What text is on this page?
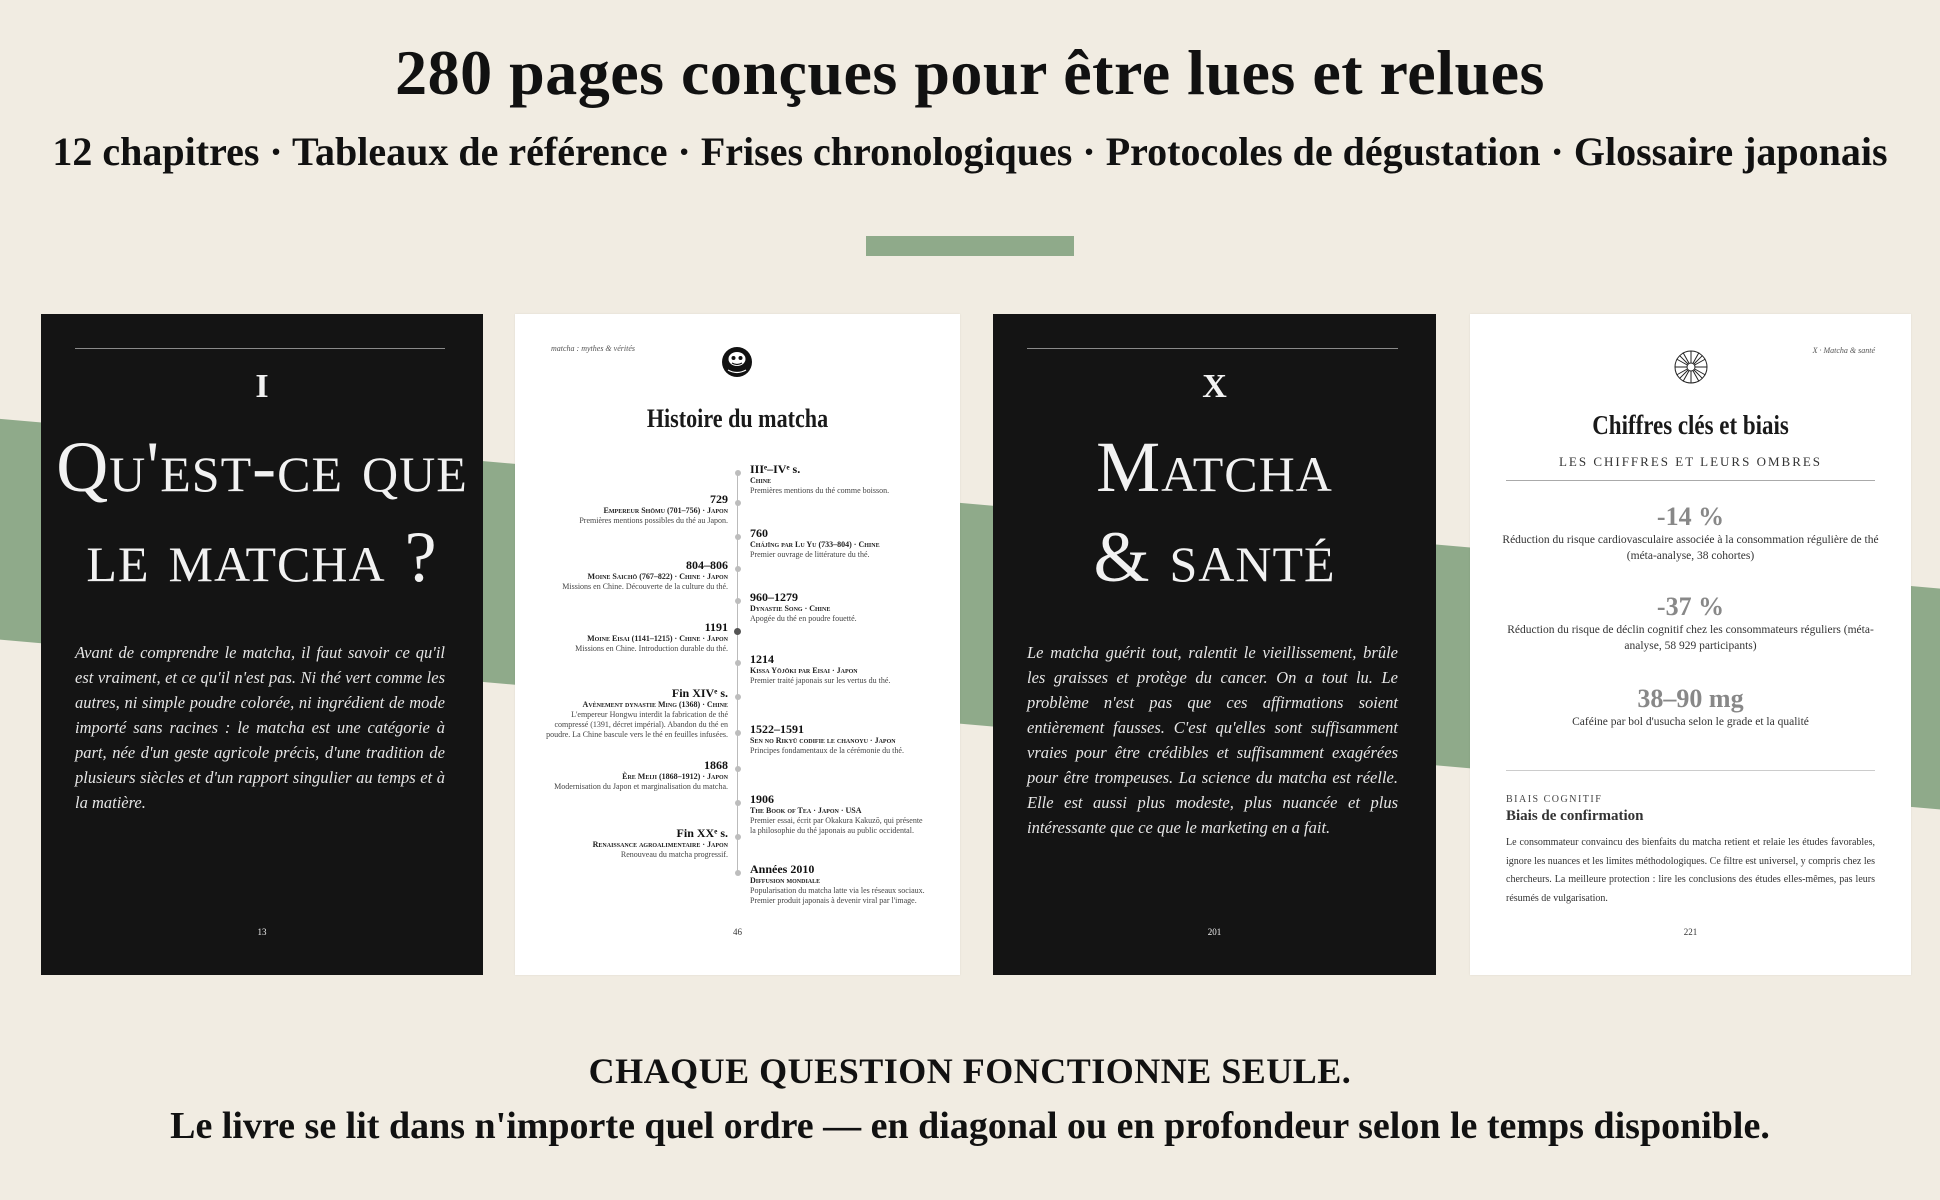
280 pages conçues pour être lues et relues
12 chapitres · Tableaux de référence · Frises chronologiques · Protocoles de dégustation · Glossaire japonais
I
Qu'est-ce que
le matcha ?
Avant de comprendre le matcha, il faut savoir ce qu'il est vraiment, et ce qu'il n'est pas. Ni thé vert comme les autres, ni simple poudre colorée, ni ingrédient de mode importé sans racines : le matcha est une catégorie à part, née d'un geste agricole précis, d'une tradition de plusieurs siècles et d'un rapport singulier au temps et à la matière.
13
matcha : mythes & vérités
Histoire du matcha
IIIᵉ–IVᵉ s.
Chine
Premières mentions du thé comme boisson.
729
Empereur Shōmu (701–756) · Japon
Premières mentions possibles du thé au Japon.
760
Chájīng par Lu Yu (733–804) · Chine
Premier ouvrage de littérature du thé.
804–806
Moine Saichō (767–822) · Chine · Japon
Missions en Chine. Découverte de la culture du thé.
960–1279
Dynastie Song · Chine
Apogée du thé en poudre fouetté.
1191
Moine Eisai (1141–1215) · Chine · Japon
Missions en Chine. Introduction durable du thé.
1214
Kissa Yōjōki par Eisai · Japon
Premier traité japonais sur les vertus du thé.
Fin XIVᵉ s.
Avènement dynastie Ming (1368) · Chine
L'empereur Hongwu interdit la fabrication de thé compressé (1391, décret impérial). Abandon du thé en poudre. La Chine bascule vers le thé en feuilles infusées. 1522–1591
Sen no Rikyū codifie le chanoyu · Japon
Principes fondamentaux de la cérémonie du thé.
1868
Ère Meiji (1868–1912) · Japon
Modernisation du Japon et marginalisation du matcha.
1906
The Book of Tea · Japon · USA
Premier essai, écrit par Okakura Kakuzō, qui présente la philosophie du thé japonais au public occidental.
Fin XXᵉ s.
Renaissance agroalimentaire · Japon
Renouveau du matcha progressif.
Années 2010
Diffusion mondiale
Popularisation du matcha latte via les réseaux sociaux. Premier produit japonais à devenir viral par l'image.
46
X
Matcha
& santé
Le matcha guérit tout, ralentit le vieillissement, brûle les graisses et protège du cancer. On a tout lu. Le problème n'est pas que ces affirmations soient entièrement fausses. C'est qu'elles sont suffisamment vraies pour être crédibles et suffisamment exagérées pour être trompeuses. La science du matcha est réelle. Elle est aussi plus modeste, plus nuancée et plus intéressante que ce que le marketing en a fait.
201
X · Matcha & santé
Chiffres clés et biais
LES CHIFFRES ET LEURS OMBRES
-14 %
Réduction du risque cardiovasculaire associée à la consommation régulière de thé (méta-analyse, 38 cohortes)
-37 %
Réduction du risque de déclin cognitif chez les consommateurs réguliers (méta-analyse, 58 929 participants)
38–90 mg
Caféine par bol d'usucha selon le grade et la qualité
BIAIS COGNITIF
Biais de confirmation
Le consommateur convaincu des bienfaits du matcha retient et relaie les études favorables, ignore les nuances et les limites méthodologiques. Ce filtre est universel, y compris chez les chercheurs. La meilleure protection : lire les conclusions des études elles-mêmes, pas leurs résumés de vulgarisation.
221
CHAQUE QUESTION FONCTIONNE SEULE.

Le livre se lit dans n'importe quel ordre — en diagonal ou en profondeur selon le temps disponible.
